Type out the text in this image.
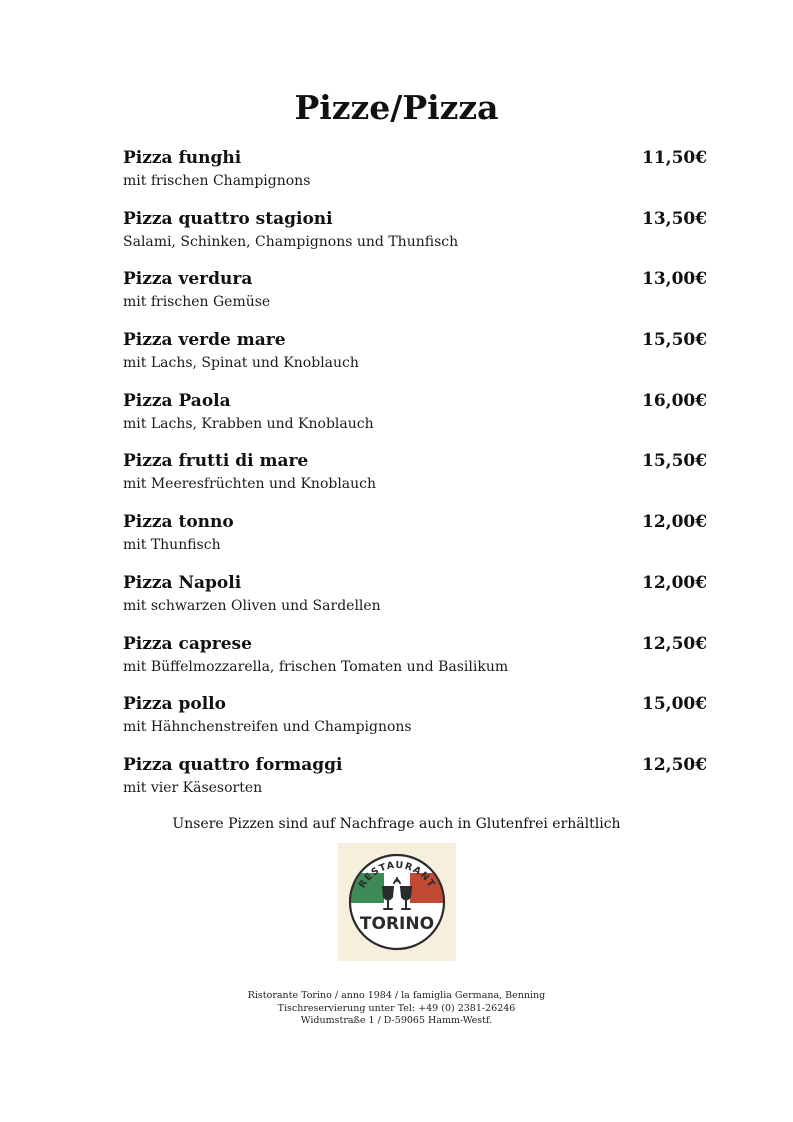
Pizze/Pizza
Pizza funghi	11,50€
mit frischen Champignons
Pizza quattro stagioni	13,50€
Salami, Schinken, Champignons und Thunfisch
Pizza verdura	13,00€
mit frischen Gemüse
Pizza verde mare	15,50€
mit Lachs, Spinat und Knoblauch
Pizza Paola	16,00€
mit Lachs, Krabben und Knoblauch
Pizza frutti di mare	15,50€
mit Meeresfrüchten und Knoblauch
Pizza tonno	12,00€
mit Thunfisch
Pizza Napoli	12,00€
mit schwarzen Oliven und Sardellen
Pizza caprese	12,50€
mit Büffelmozzarella, frischen Tomaten und Basilikum
Pizza pollo	15,00€
mit Hähnchenstreifen und Champignons
Pizza quattro formaggi	12,50€
mit vier Käsesorten
Unsere Pizzen sind auf Nachfrage auch in Glutenfrei erhältlich
RESTAURANT
TORINO
Ristorante Torino / anno 1984 / la famiglia Germana, Benning
Tischreservierung unter Tel: +49 (0) 2381-26246
Widumstraße 1 / D-59065 Hamm-Westf.
